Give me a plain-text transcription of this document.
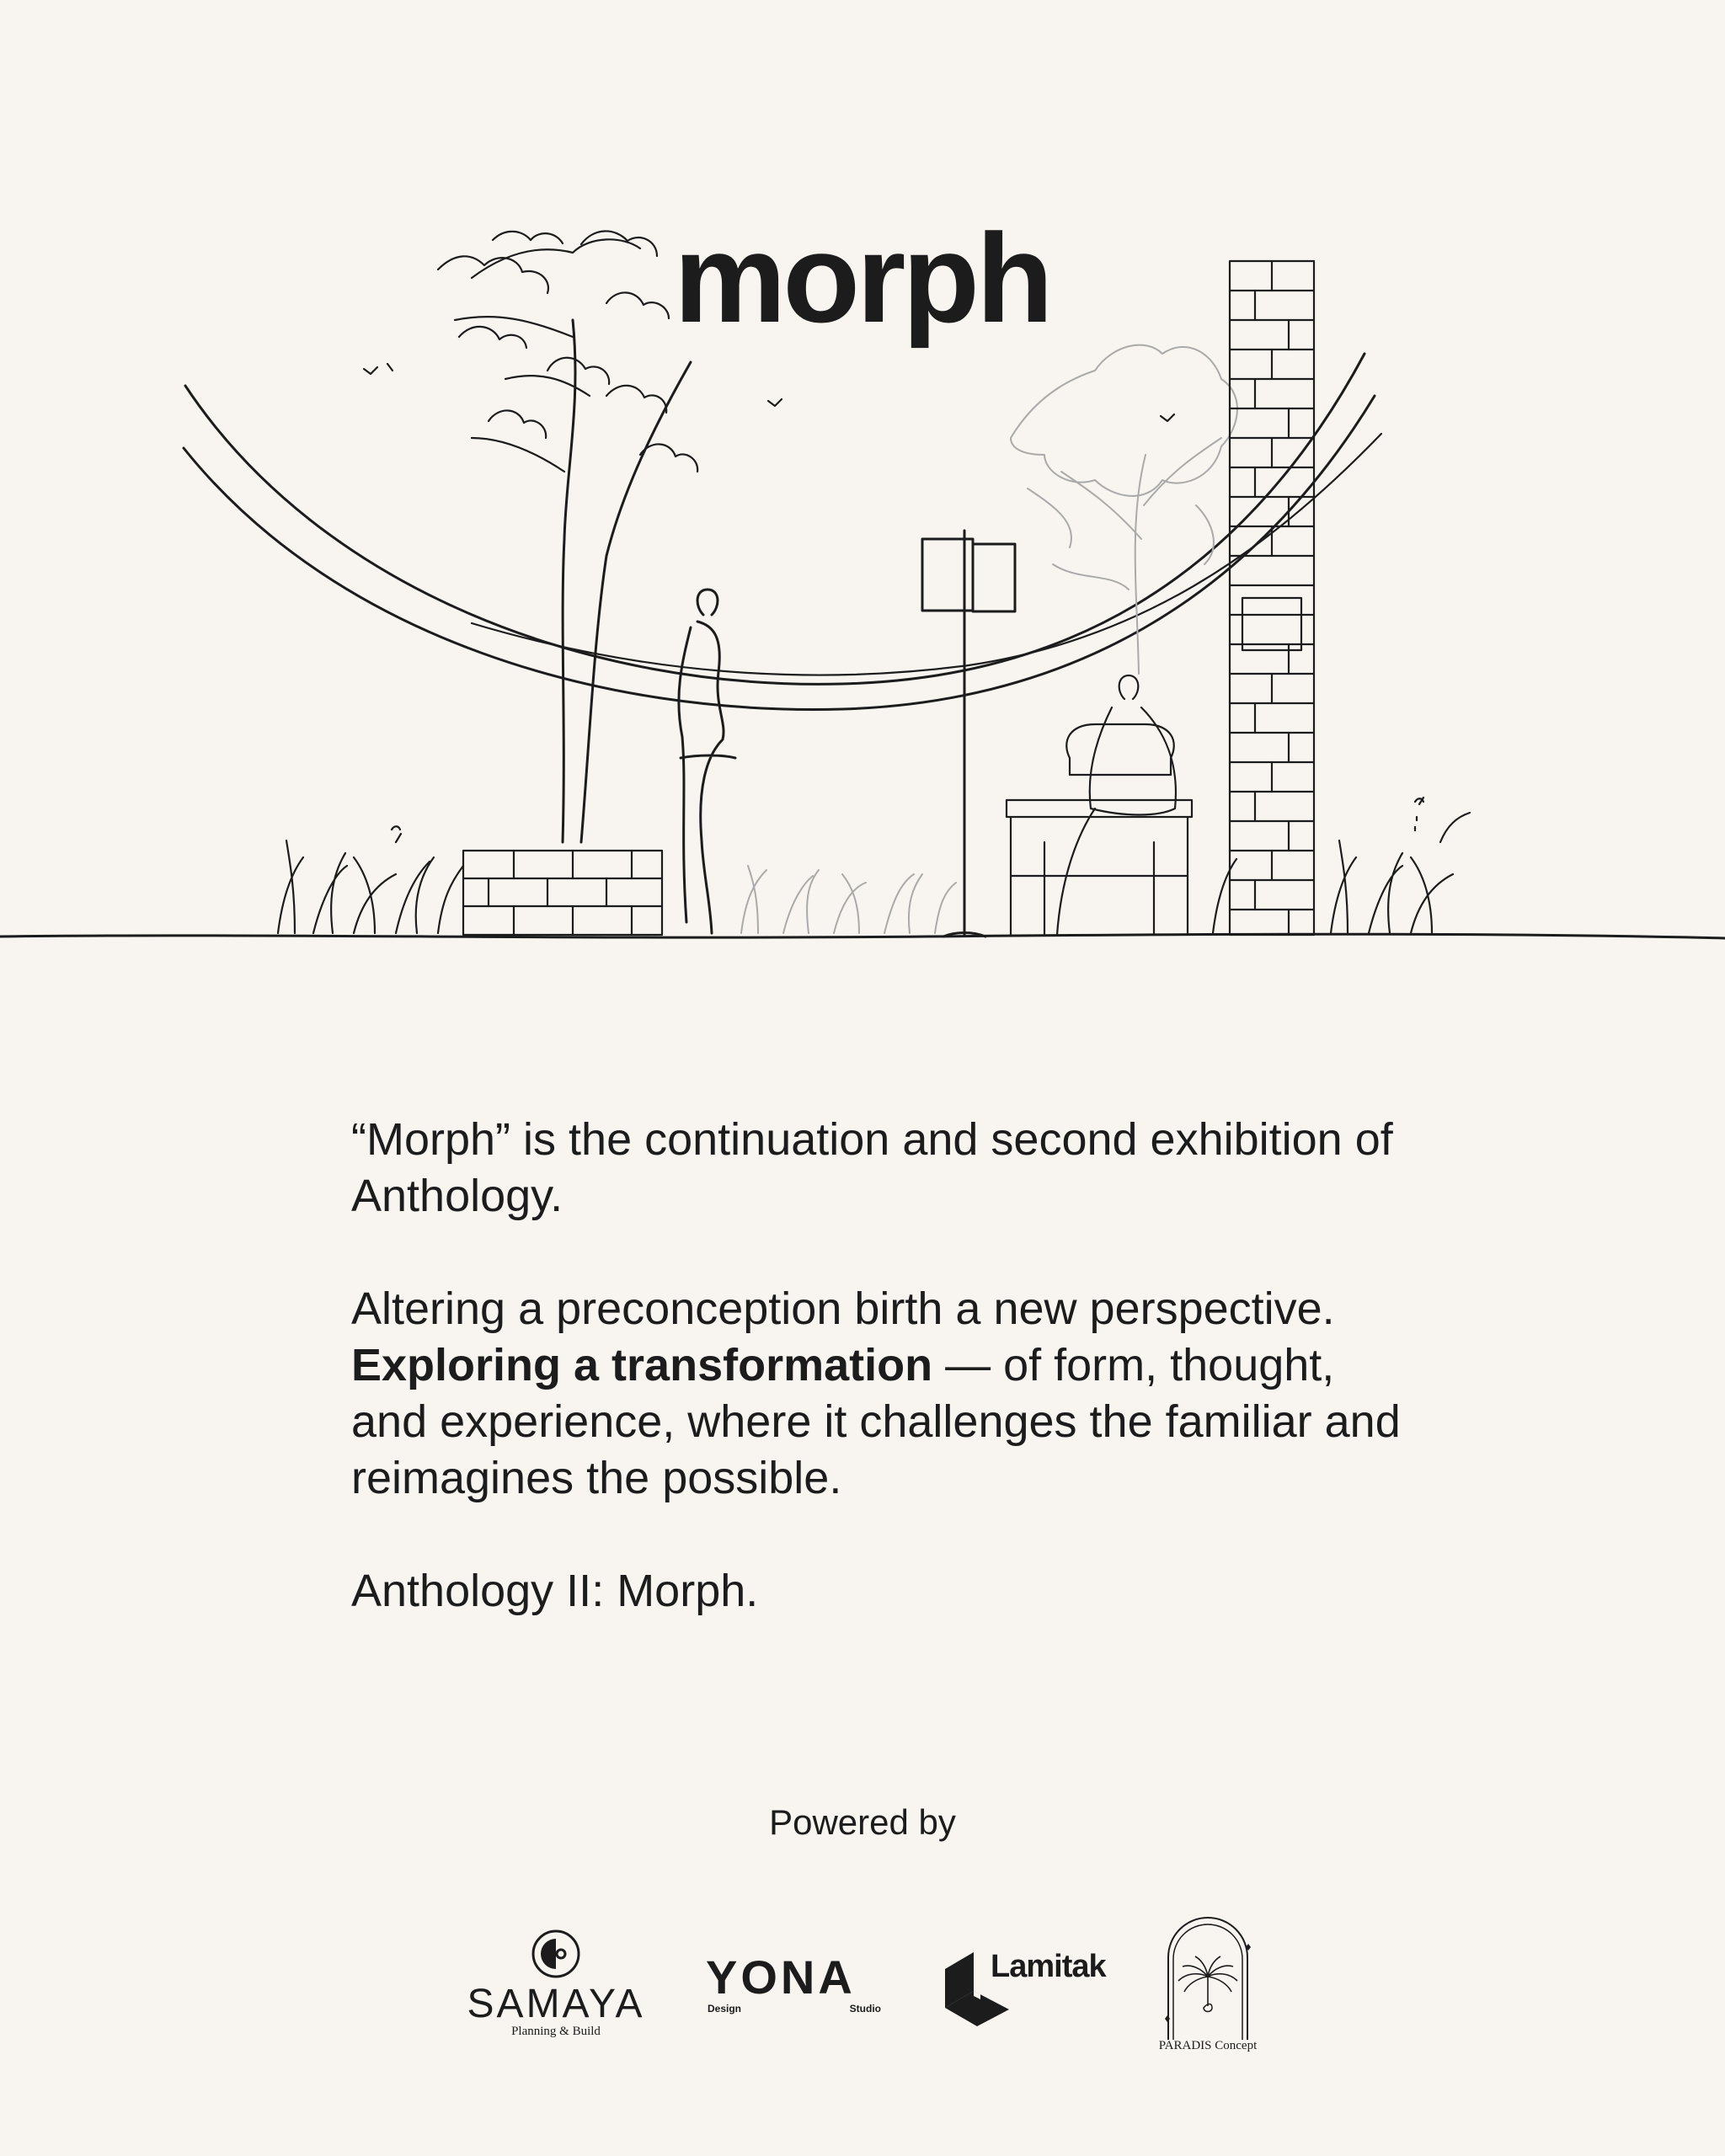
morph

“Morph” is the continuation and second exhibition of Anthology.

Altering a preconception birth a new perspective. Exploring a transformation — of form, thought, and experience, where it challenges the familiar and reimagines the possible.

Anthology II: Morph.

Powered by
SAMAYA
Planning & Build
YONA
Design	Studio
Lamitak
PARADIS Concept
